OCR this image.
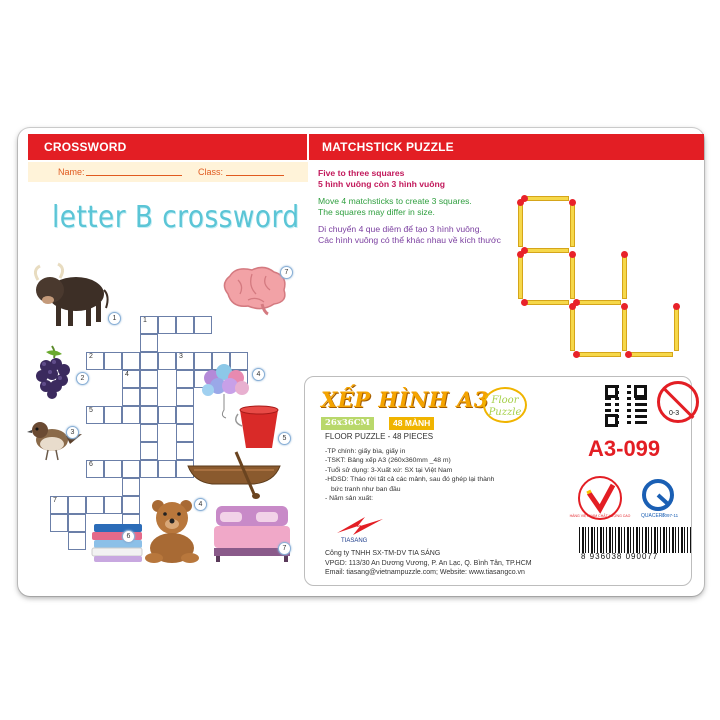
CROSSWORD	MATCHSTICK PUZZLE
Name:	Class:
letter B crossword
1
2	3
4
5
6
7
1
2
3
6
4
7
4
5
7
Five to three squares
5 hình vuông còn 3 hình vuông
Move 4 matchsticks to create 3 squares.
The squares may differ in size.
Di chuyển 4 que diêm để tạo 3 hình vuông.
Các hình vuông có thể khác nhau về kích thước
XẾP HÌNH A3 Floor Puzzle
26x36CM	48 MẢNH
FLOOR PUZZLE - 48 PIECES
-TP chính: giấy bìa, giấy in
-TSKT: Bảng xếp A3 (260x360mm _48 m)
-Tuổi sử dụng: 3-Xuất xứ: SX tại Việt Nam
-HDSD: Tháo rời tất cả các mảnh, sau đó ghép lại thành
bức tranh như ban đầu
- Năm sản xuất:
TIASANG
Công ty TNHH SX-TM-DV TIA SÁNG
VPGD: 113/30 An Dương Vương, P. An Lạc, Q. Bình Tân, TP.HCM
Email: tiasang@vietnampuzzle.com; Website: www.tiasangco.vn
0-3
A3-099
HÀNG VIỆT NAM CHẤT LƯỢNG CAO QUACERT
0097-11
8 936038 090077
